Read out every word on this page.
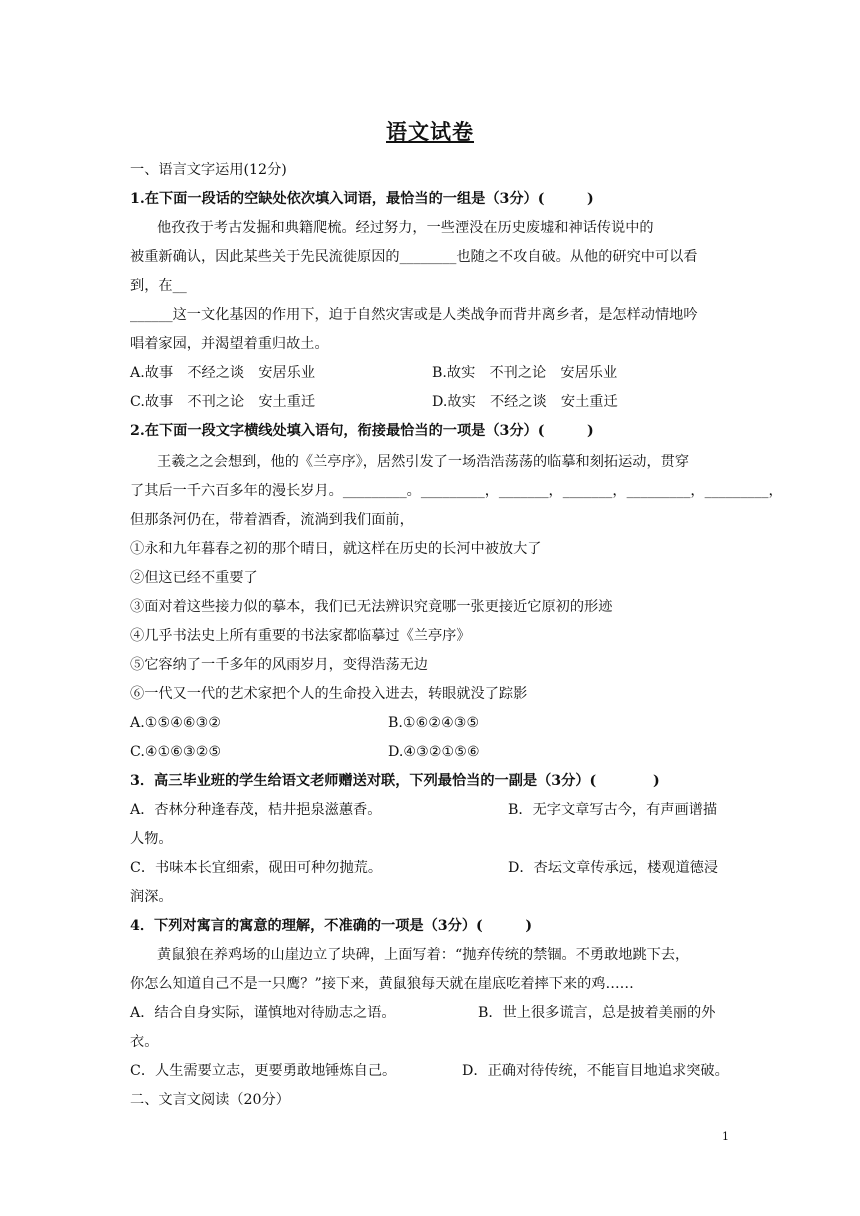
语文试卷
一、语言文字运用(12分)
1.在下面一段话的空缺处依次填入词语，最恰当的一组是（3分）(　　　)
他孜孜于考古发掘和典籍爬梳。经过努力，一些湮没在历史废墟和神话传说中的
被重新确认，因此某些关于先民流徙原因的________也随之不攻自破。从他的研究中可以看
到，在__
______这一文化基因的作用下，迫于自然灾害或是人类战争而背井离乡者，是怎样动情地吟
唱着家园，并渴望着重归故土。
A.故事　不经之谈　安居乐业	B.故实　不刊之论　安居乐业
C.故事　不刊之论　安土重迁	D.故实　不经之谈　安土重迁
2.在下面一段文字横线处填入语句，衔接最恰当的一项是（3分）(　　　)
王羲之之会想到，他的《兰亭序》，居然引发了一场浩浩荡荡的临摹和刻拓运动，贯穿
了其后一千六百多年的漫长岁月。_________。_________，_______，_______，_________，_________，
但那条河仍在，带着酒香，流淌到我们面前，
①永和九年暮春之初的那个晴日，就这样在历史的长河中被放大了
②但这已经不重要了
③面对着这些接力似的摹本，我们已无法辨识究竟哪一张更接近它原初的形迹
④几乎书法史上所有重要的书法家都临摹过《兰亭序》
⑤它容纳了一千多年的风雨岁月，变得浩荡无边
⑥一代又一代的艺术家把个人的生命投入进去，转眼就没了踪影
A.①⑤④⑥③②	B.①⑥②④③⑤
C.④①⑥③②⑤	D.④③②①⑤⑥
3．高三毕业班的学生给语文老师赠送对联，下列最恰当的一副是（3分）(　　　　)
A．杏林分种逢春茂，桔井挹泉滋蕙香。	B．无字文章写古今，有声画谱描
人物。
C．书味本长宜细索，砚田可种勿抛荒。	D．杏坛文章传承远，楼观道德浸
润深。
4．下列对寓言的寓意的理解，不准确的一项是（3分）(　　　)
黄鼠狼在养鸡场的山崖边立了块碑，上面写着：“抛弃传统的禁锢。不勇敢地跳下去，
你怎么知道自己不是一只鹰？”接下来，黄鼠狼每天就在崖底吃着摔下来的鸡……
A．结合自身实际，谨慎地对待励志之语。	B．世上很多谎言，总是披着美丽的外
衣。
C．人生需要立志，更要勇敢地锤炼自己。	D．正确对待传统，不能盲目地追求突破。
二、文言文阅读（20分）
1
